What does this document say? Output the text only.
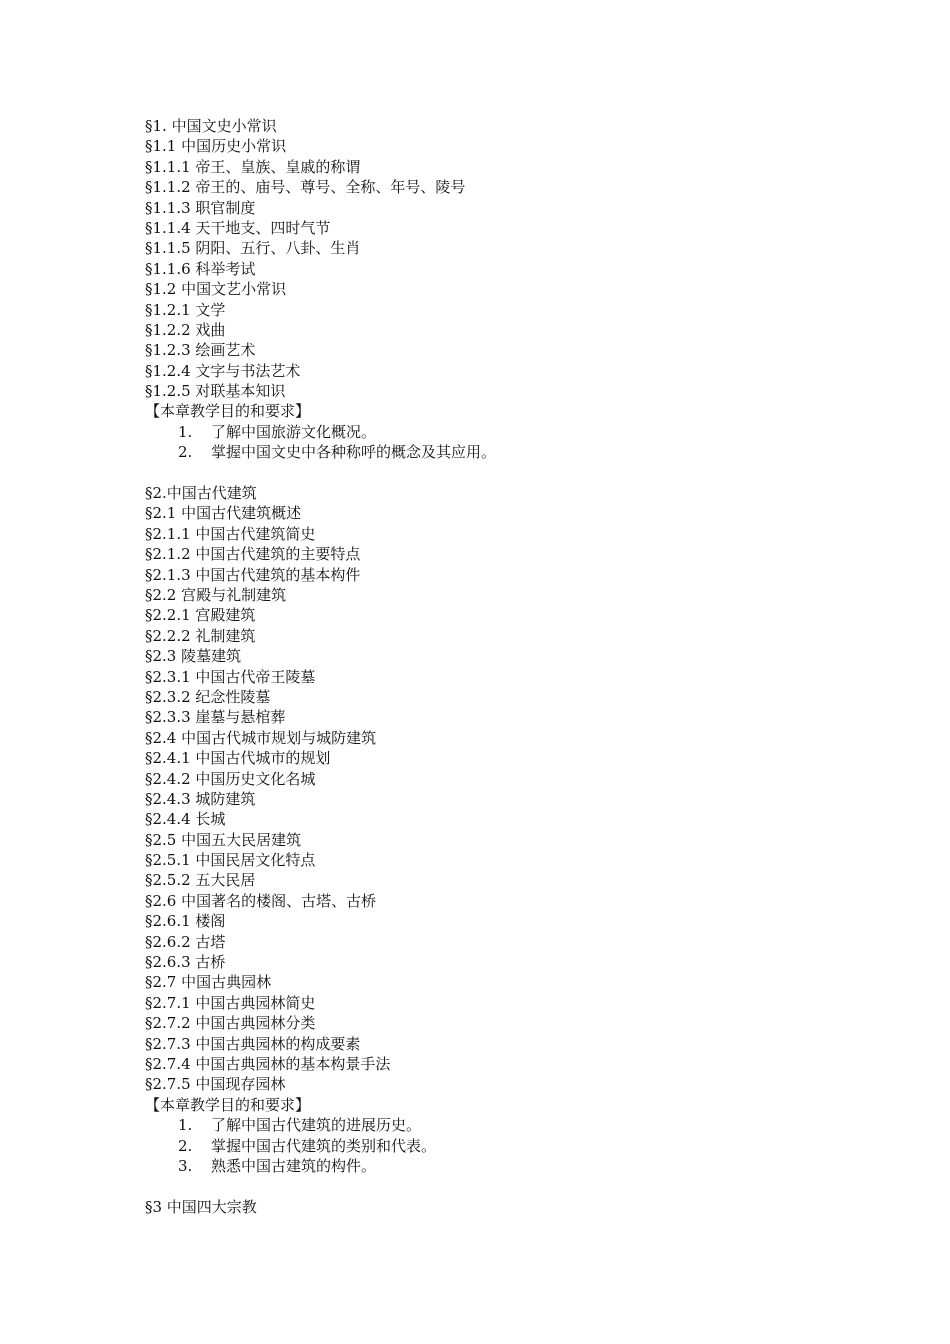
§1. 中国文史小常识
§1.1 中国历史小常识
§1.1.1 帝王、皇族、皇戚的称谓
§1.1.2 帝王的、庙号、尊号、全称、年号、陵号
§1.1.3 职官制度
§1.1.4 天干地支、四时气节
§1.1.5 阴阳、五行、八卦、生肖
§1.1.6 科举考试
§1.2 中国文艺小常识
§1.2.1 文学
§1.2.2 戏曲
§1.2.3 绘画艺术
§1.2.4 文字与书法艺术
§1.2.5 对联基本知识
【本章教学目的和要求】
1.	了解中国旅游文化概况。
2.	掌握中国文史中各种称呼的概念及其应用。
§2.中国古代建筑
§2.1 中国古代建筑概述
§2.1.1 中国古代建筑简史
§2.1.2 中国古代建筑的主要特点
§2.1.3 中国古代建筑的基本构件
§2.2 宫殿与礼制建筑
§2.2.1 宫殿建筑
§2.2.2 礼制建筑
§2.3 陵墓建筑
§2.3.1 中国古代帝王陵墓
§2.3.2 纪念性陵墓
§2.3.3 崖墓与悬棺葬
§2.4 中国古代城市规划与城防建筑
§2.4.1 中国古代城市的规划
§2.4.2 中国历史文化名城
§2.4.3 城防建筑
§2.4.4 长城
§2.5 中国五大民居建筑
§2.5.1 中国民居文化特点
§2.5.2 五大民居
§2.6 中国著名的楼阁、古塔、古桥
§2.6.1 楼阁
§2.6.2 古塔
§2.6.3 古桥
§2.7 中国古典园林
§2.7.1 中国古典园林简史
§2.7.2 中国古典园林分类
§2.7.3 中国古典园林的构成要素
§2.7.4 中国古典园林的基本构景手法
§2.7.5 中国现存园林
【本章教学目的和要求】
1.	了解中国古代建筑的进展历史。
2.	掌握中国古代建筑的类别和代表。
3.	熟悉中国古建筑的构件。
§3 中国四大宗教
